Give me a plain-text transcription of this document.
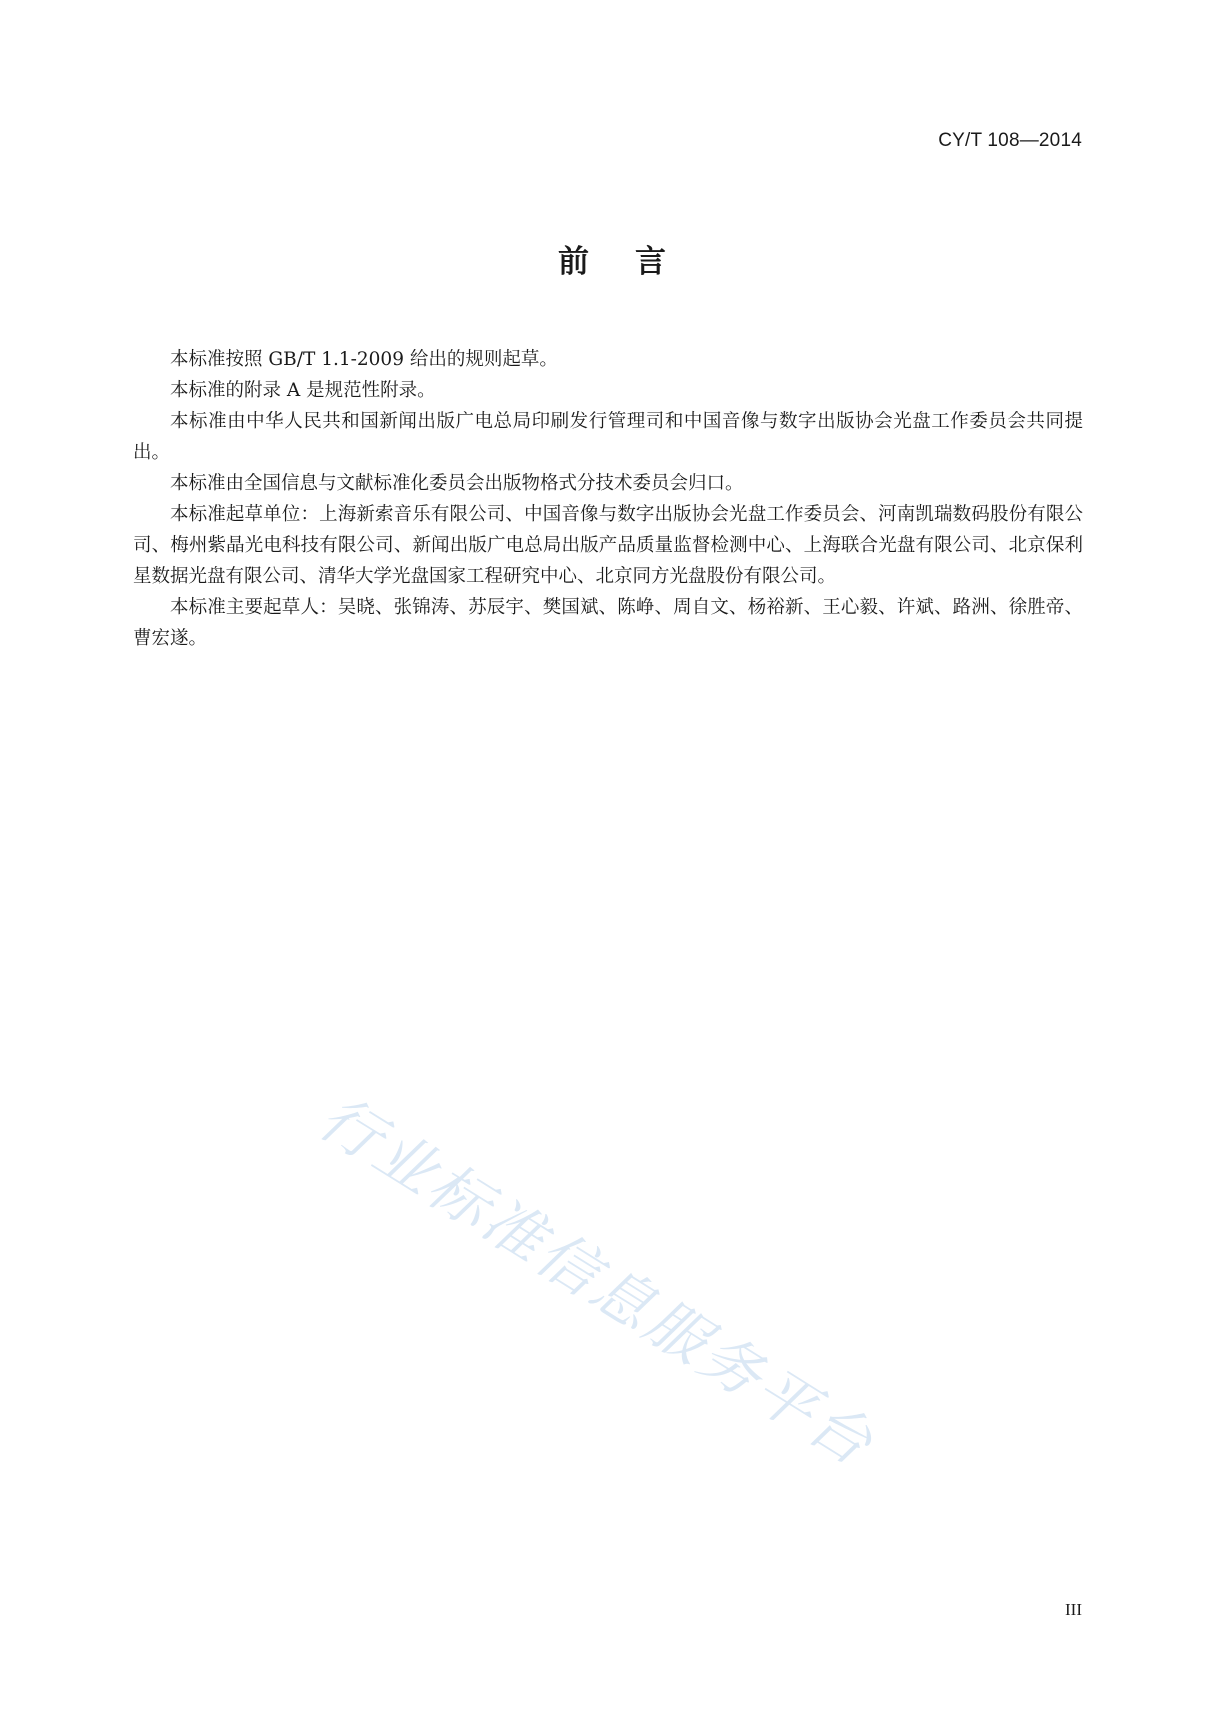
CY/T 108—2014
前言

本标准按照 GB/T 1.1-2009 给出的规则起草。

本标准的附录 A 是规范性附录。

本标准由中华人民共和国新闻出版广电总局印刷发行管理司和中国音像与数字出版协会光盘工作委员会共同提出。

本标准由全国信息与文献标准化委员会出版物格式分技术委员会归口。

本标准起草单位：上海新索音乐有限公司、中国音像与数字出版协会光盘工作委员会、河南凯瑞数码股份有限公司、梅州紫晶光电科技有限公司、新闻出版广电总局出版产品质量监督检测中心、上海联合光盘有限公司、北京保利星数据光盘有限公司、清华大学光盘国家工程研究中心、北京同方光盘股份有限公司。

本标准主要起草人：吴晓、张锦涛、苏辰宇、樊国斌、陈峥、周自文、杨裕新、王心毅、许斌、路洲、徐胜帝、曹宏遂。

行业标准信息服务平台
III
